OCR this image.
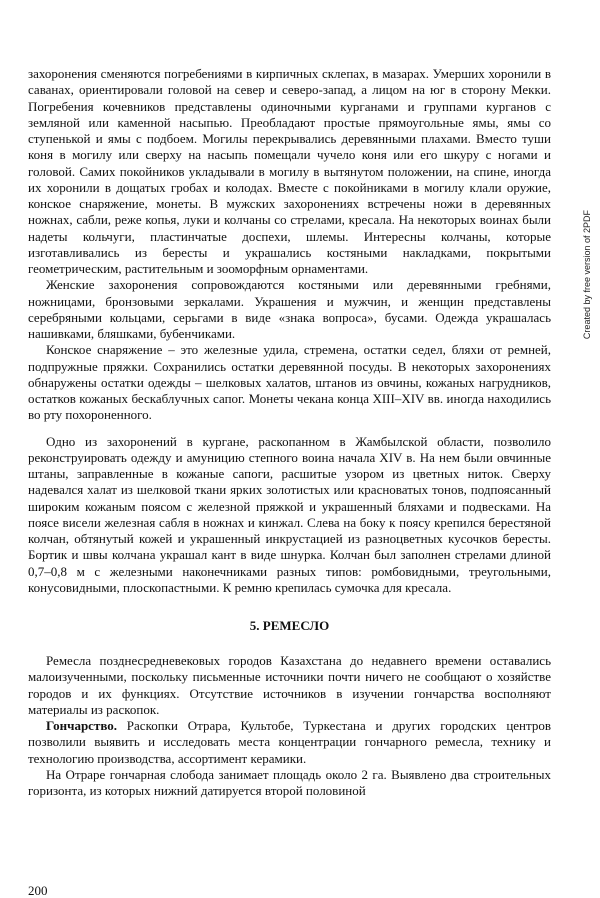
захоронения сменяются погребениями в кирпичных склепах, в мазарах. Умерших хоронили в саванах, ориентировали головой на север и северо-запад, а лицом на юг в сторону Мекки. Погребения кочевников представлены одиночными курганами и группами курганов с земляной или каменной насыпью. Преобладают простые прямоугольные ямы, ямы со ступенькой и ямы с подбоем. Могилы перекрывались деревянными плахами. Вместо туши коня в могилу или сверху на насыпь помещали чучело коня или его шкуру с ногами и головой. Самих покойников укладывали в могилу в вытянутом положении, на спине, иногда их хоронили в дощатых гробах и колодах. Вместе с покойниками в могилу клали оружие, конское снаряжение, монеты. В мужских захоронениях встречены ножи в деревянных ножнах, сабли, реже копья, луки и колчаны со стрелами, кресала. На некоторых воинах были надеты кольчуги, пластинчатые доспехи, шлемы. Интересны колчаны, которые изготавливались из бересты и украшались костяными накладками, покрытыми геометрическим, растительным и зооморфным орнаментами.

Женские захоронения сопровождаются костяными или деревянными гребнями, ножницами, бронзовыми зеркалами. Украшения и мужчин, и женщин представлены серебряными кольцами, серьгами в виде «знака вопроса», бусами. Одежда украшалась нашивками, бляшками, бубенчиками.

Конское снаряжение – это железные удила, стремена, остатки седел, бляхи от ремней, подпружные пряжки. Сохранились остатки деревянной посуды. В некоторых захоронениях обнаружены остатки одежды – шелковых халатов, штанов из овчины, кожаных нагрудников, остатков кожаных бескаблучных сапог. Монеты чекана конца XIII–XIV вв. иногда находились во рту похороненного.

Одно из захоронений в кургане, раскопанном в Жамбылской области, позволило реконструировать одежду и амуницию степного воина начала XIV в. На нем были овчинные штаны, заправленные в кожаные сапоги, расшитые узором из цветных ниток. Сверху надевался халат из шелковой ткани ярких золотистых или красноватых тонов, подпоясанный широким кожаным поясом с железной пряжкой и украшенный бляхами и подвесками. На поясе висели железная сабля в ножнах и кинжал. Слева на боку к поясу крепился берестяной колчан, обтянутый кожей и украшенный инкрустацией из разноцветных кусочков бересты. Бортик и швы колчана украшал кант в виде шнурка. Колчан был заполнен стрелами длиной 0,7–0,8 м с железными наконечниками разных типов: ромбовидными, треугольными, конусовидными, плоскопастными. К ремню крепилась сумочка для кресала.

5. РЕМЕСЛО

Ремесла позднесредневековых городов Казахстана до недавнего времени оставались малоизученными, поскольку письменные источники почти ничего не сообщают о хозяйстве городов и их функциях. Отсутствие источников в изучении гончарства восполняют материалы из раскопок.

Гончарство. Раскопки Отрара, Культобе, Туркестана и других городских центров позволили выявить и исследовать места концентрации гончарного ремесла, технику и технологию производства, ассортимент керамики.

На Отраре гончарная слобода занимает площадь около 2 га. Выявлено два строительных горизонта, из которых нижний датируется второй половиной

200
Created by free version of 2PDF
